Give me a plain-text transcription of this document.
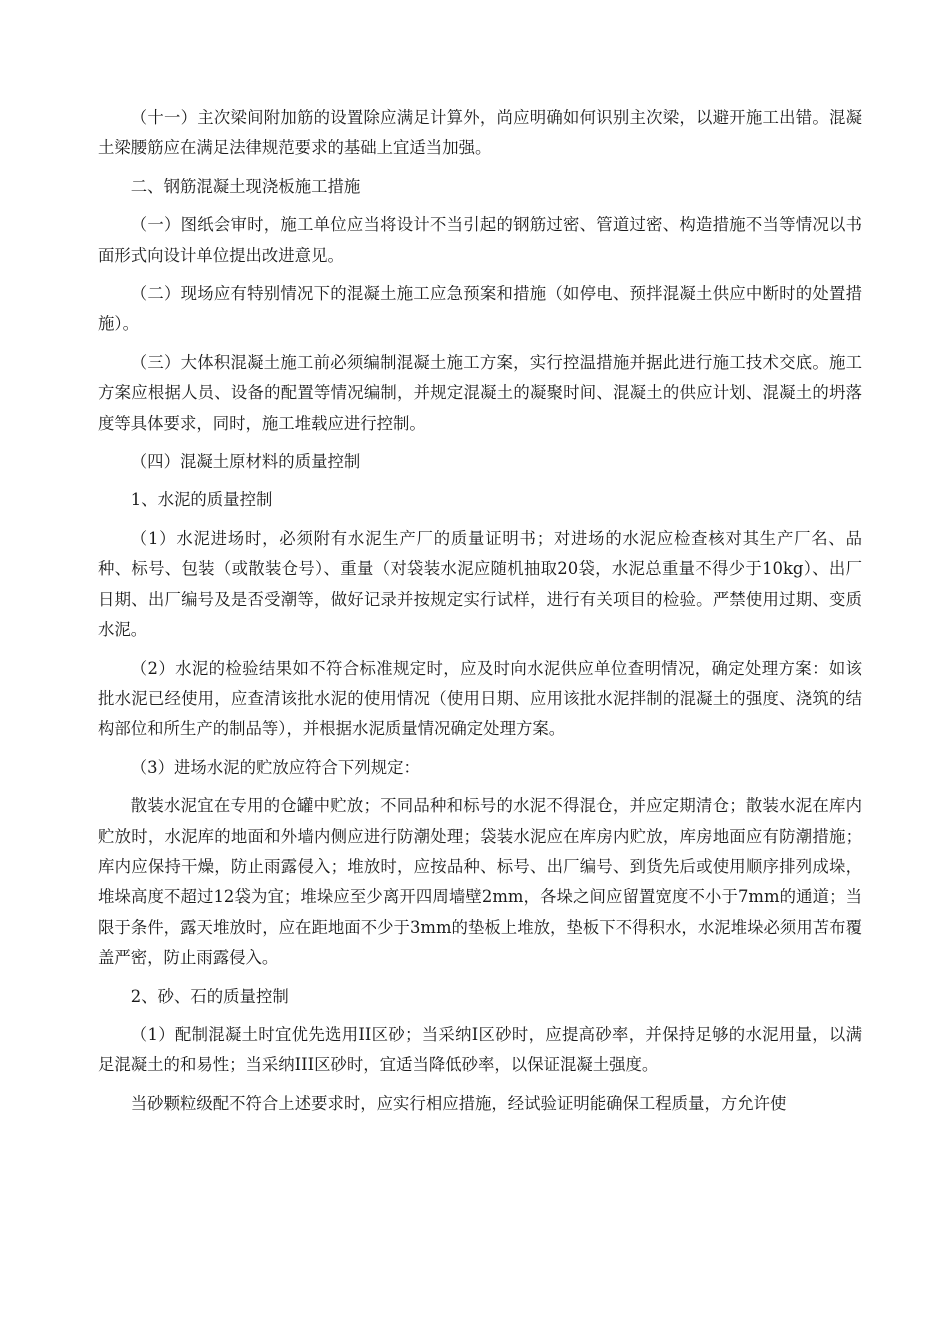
（十一）主次梁间附加筋的设置除应满足计算外，尚应明确如何识别主次梁，以避开施工出错。混凝土梁腰筋应在满足法律规范要求的基础上宜适当加强。

二、钢筋混凝土现浇板施工措施

（一）图纸会审时，施工单位应当将设计不当引起的钢筋过密、管道过密、构造措施不当等情况以书面形式向设计单位提出改进意见。

（二）现场应有特别情况下的混凝土施工应急预案和措施（如停电、预拌混凝土供应中断时的处置措施）。

（三）大体积混凝土施工前必须编制混凝土施工方案，实行控温措施并据此进行施工技术交底。施工方案应根据人员、设备的配置等情况编制，并规定混凝土的凝聚时间、混凝土的供应计划、混凝土的坍落度等具体要求，同时，施工堆载应进行控制。

（四）混凝土原材料的质量控制

1、水泥的质量控制

（1）水泥进场时，必须附有水泥生产厂的质量证明书；对进场的水泥应检查核对其生产厂名、品种、标号、包装（或散装仓号）、重量（对袋装水泥应随机抽取20袋，水泥总重量不得少于10kg）、出厂日期、出厂编号及是否受潮等，做好记录并按规定实行试样，进行有关项目的检验。严禁使用过期、变质水泥。

（2）水泥的检验结果如不符合标准规定时，应及时向水泥供应单位查明情况，确定处理方案：如该批水泥已经使用，应查清该批水泥的使用情况（使用日期、应用该批水泥拌制的混凝土的强度、浇筑的结构部位和所生产的制品等），并根据水泥质量情况确定处理方案。

（3）进场水泥的贮放应符合下列规定：

散装水泥宜在专用的仓罐中贮放；不同品种和标号的水泥不得混仓，并应定期清仓；散装水泥在库内贮放时，水泥库的地面和外墙内侧应进行防潮处理；袋装水泥应在库房内贮放，库房地面应有防潮措施；库内应保持干燥，防止雨露侵入；堆放时，应按品种、标号、出厂编号、到货先后或使用顺序排列成垛，堆垛高度不超过12袋为宜；堆垛应至少离开四周墙壁2mm，各垛之间应留置宽度不小于7mm的通道；当限于条件，露天堆放时，应在距地面不少于3mm的垫板上堆放，垫板下不得积水，水泥堆垛必须用苫布覆盖严密，防止雨露侵入。

2、砂、石的质量控制

（1）配制混凝土时宜优先选用II区砂；当采纳I区砂时，应提高砂率，并保持足够的水泥用量，以满足混凝土的和易性；当采纳III区砂时，宜适当降低砂率，以保证混凝土强度。

当砂颗粒级配不符合上述要求时，应实行相应措施，经试验证明能确保工程质量，方允许使
